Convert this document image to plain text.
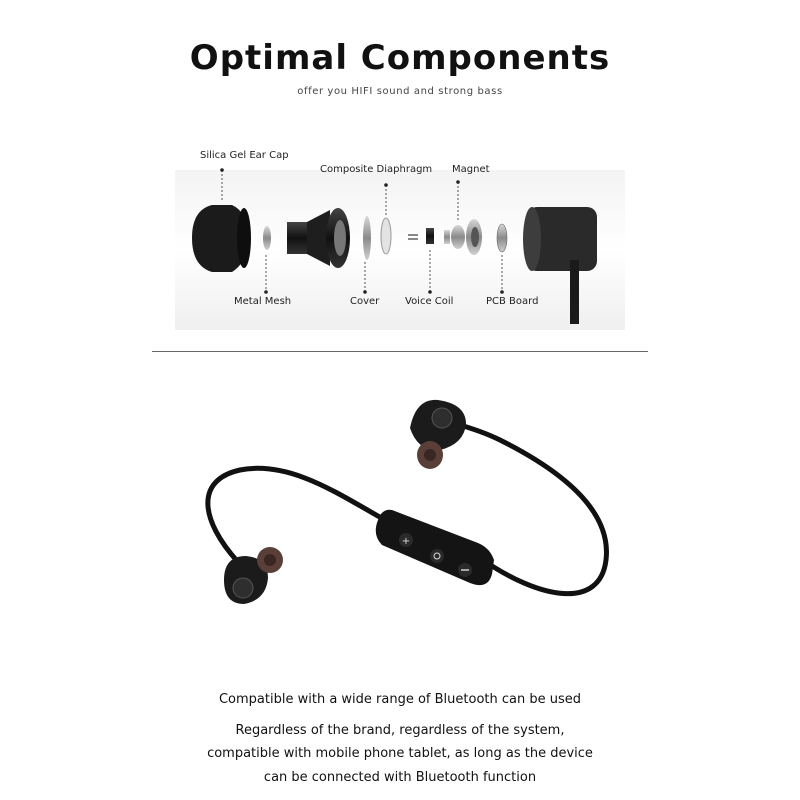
Optimal Components
offer you HIFI sound and strong bass
+
Silica Gel Ear Cap
Composite Diaphragm Magnet
Metal Mesh	Cover	Voice Coil	PCB Board
Compatible with a wide range of Bluetooth can be used
Regardless of the brand, regardless of the system,
compatible with mobile phone tablet, as long as the device
can be connected with Bluetooth function
